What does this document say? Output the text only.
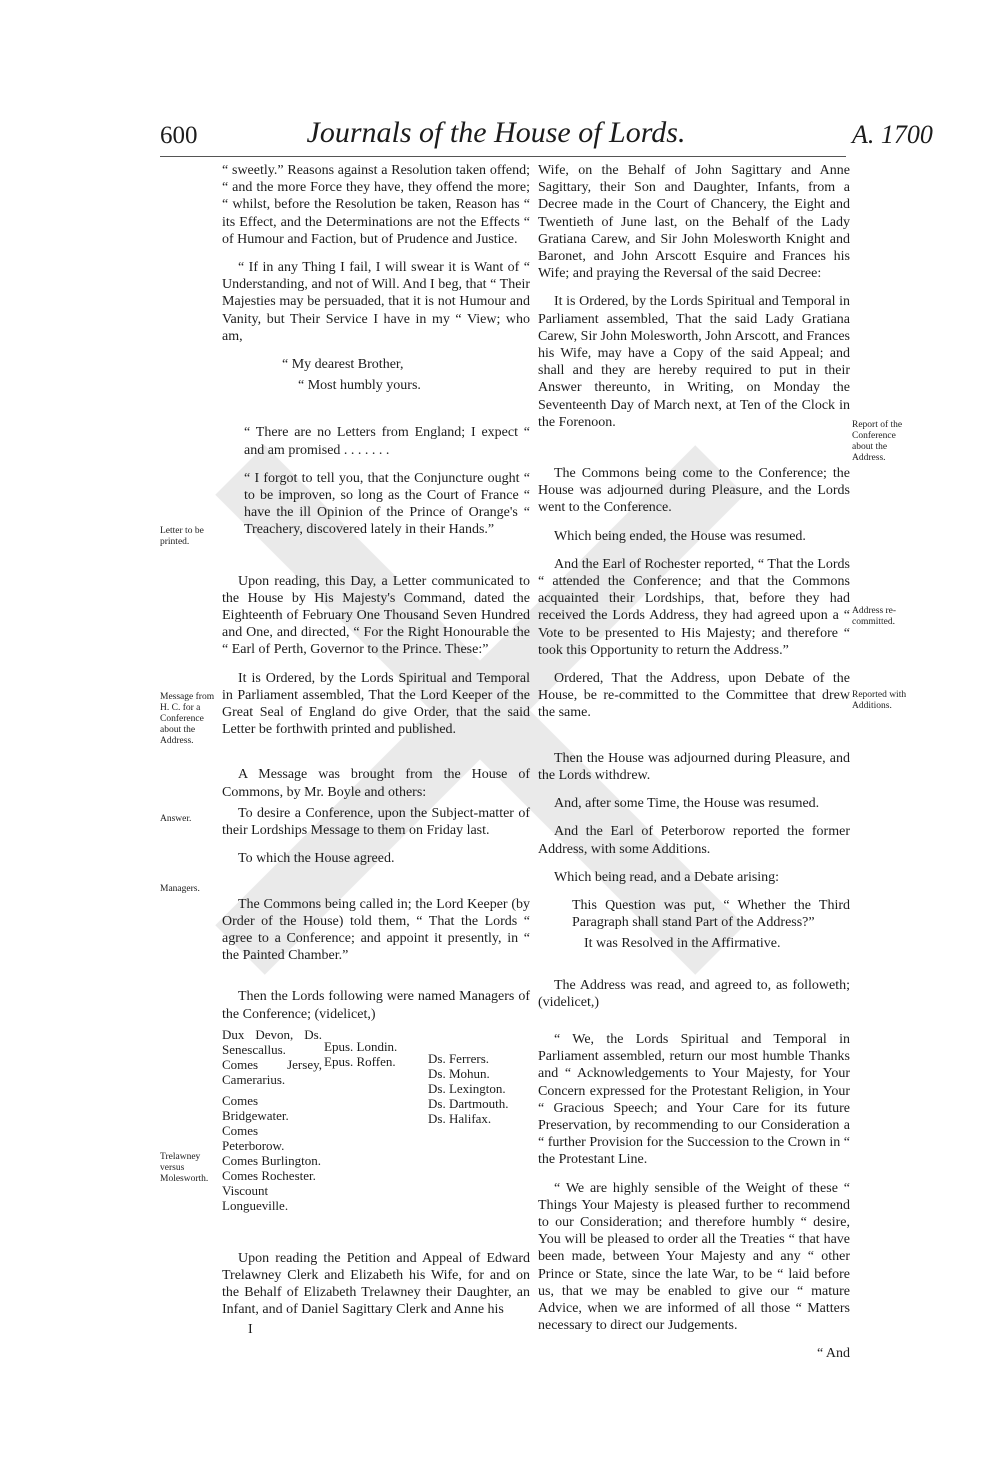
600	Journals of the House of Lords.	A. 1700

“ sweetly.” Reasons against a Resolution taken offend; “ and the more Force they have, they offend the more; “ whilst, before the Resolution be taken, Reason has “ its Effect, and the Determinations are not the Effects “ of Humour and Faction, but of Prudence and Justice.

“ If in any Thing I fail, I will swear it is Want of “ Understanding, and not of Will. And I beg, that “ Their Majesties may be persuaded, that it is not Humour and Vanity, but Their Service I have in my “ View; who am,

“ My dearest Brother,

“ Most humbly yours.

“ There are no Letters from England; I expect “ and am promised . . . . . . .

“ I forgot to tell you, that the Conjuncture ought “ to be improven, so long as the Court of France “ have the ill Opinion of the Prince of Orange's “ Treachery, discovered lately in their Hands.”

Upon reading, this Day, a Letter communicated to the House by His Majesty's Command, dated the Eighteenth of February One Thousand Seven Hundred and One, and directed, “ For the Right Honourable the “ Earl of Perth, Governor to the Prince. These:”

It is Ordered, by the Lords Spiritual and Temporal in Parliament assembled, That the Lord Keeper of the Great Seal of England do give Order, that the said Letter be forthwith printed and published.

A Message was brought from the House of Commons, by Mr. Boyle and others:

To desire a Conference, upon the Subject-matter of their Lordships Message to them on Friday last.

To which the House agreed.

The Commons being called in; the Lord Keeper (by Order of the House) told them, “ That the Lords “ agree to a Conference; and appoint it presently, in “ the Painted Chamber.”

Then the Lords following were named Managers of the Conference; (videlicet,)

Dux Devon, Ds. Senescallus.
Comes Jersey, Camerarius.
Comes Bridgewater.
Comes Peterborow.
Comes Burlington.
Comes Rochester.
Viscount Longueville.
Epus. Londin.
Epus. Roffen.	Ds. Ferrers.
Ds. Mohun.
Ds. Lexington.
Ds. Dartmouth.
Ds. Halifax.

Upon reading the Petition and Appeal of Edward Trelawney Clerk and Elizabeth his Wife, for and on the Behalf of Elizabeth Trelawney their Daughter, an Infant, and of Daniel Sagittary Clerk and Anne his

I

Wife, on the Behalf of John Sagittary and Anne Sagittary, their Son and Daughter, Infants, from a Decree made in the Court of Chancery, the Eight and Twentieth of June last, on the Behalf of the Lady Gratiana Carew, and Sir John Molesworth Knight and Baronet, and John Arscott Esquire and Frances his Wife; and praying the Reversal of the said Decree:

It is Ordered, by the Lords Spiritual and Temporal in Parliament assembled, That the said Lady Gratiana Carew, Sir John Molesworth, John Arscott, and Frances his Wife, may have a Copy of the said Appeal; and shall and they are hereby required to put in their Answer thereunto, in Writing, on Monday the Seventeenth Day of March next, at Ten of the Clock in the Forenoon.

The Commons being come to the Conference; the House was adjourned during Pleasure, and the Lords went to the Conference.

Which being ended, the House was resumed.

And the Earl of Rochester reported, “ That the Lords “ attended the Conference; and that the Commons acquainted their Lordships, that, before they had received the Lords Address, they had agreed upon a “ Vote to be presented to His Majesty; and therefore “ took this Opportunity to return the Address.”

Ordered, That the Address, upon Debate of the House, be re-committed to the Committee that drew the same.

Then the House was adjourned during Pleasure, and the Lords withdrew.

And, after some Time, the House was resumed.

And the Earl of Peterborow reported the former Address, with some Additions.

Which being read, and a Debate arising:

This Question was put, “ Whether the Third Paragraph shall stand Part of the Address?”

It was Resolved in the Affirmative.

The Address was read, and agreed to, as followeth; (videlicet,)

“ We, the Lords Spiritual and Temporal in Parliament assembled, return our most humble Thanks and “ Acknowledgements to Your Majesty, for Your Concern expressed for the Protestant Religion, in Your “ Gracious Speech; and Your Care for its future Preservation, by recommending to our Consideration a “ further Provision for the Succession to the Crown in “ the Protestant Line.

“ We are highly sensible of the Weight of these “ Things Your Majesty is pleased further to recommend to our Consideration; and therefore humbly “ desire, You will be pleased to order all the Treaties “ that have been made, between Your Majesty and any “ other Prince or State, since the late War, to be “ laid before us, that we may be enabled to give our “ mature Advice, when we are informed of all those “ Matters necessary to direct our Judgements.

“ And

Letter to be printed.
Message from H. C. for a Conference about the Address.
Answer.
Managers.
Trelawney versus Molesworth.
Report of the Conference about the Address.
Address re-committed.
Reported with Additions.
